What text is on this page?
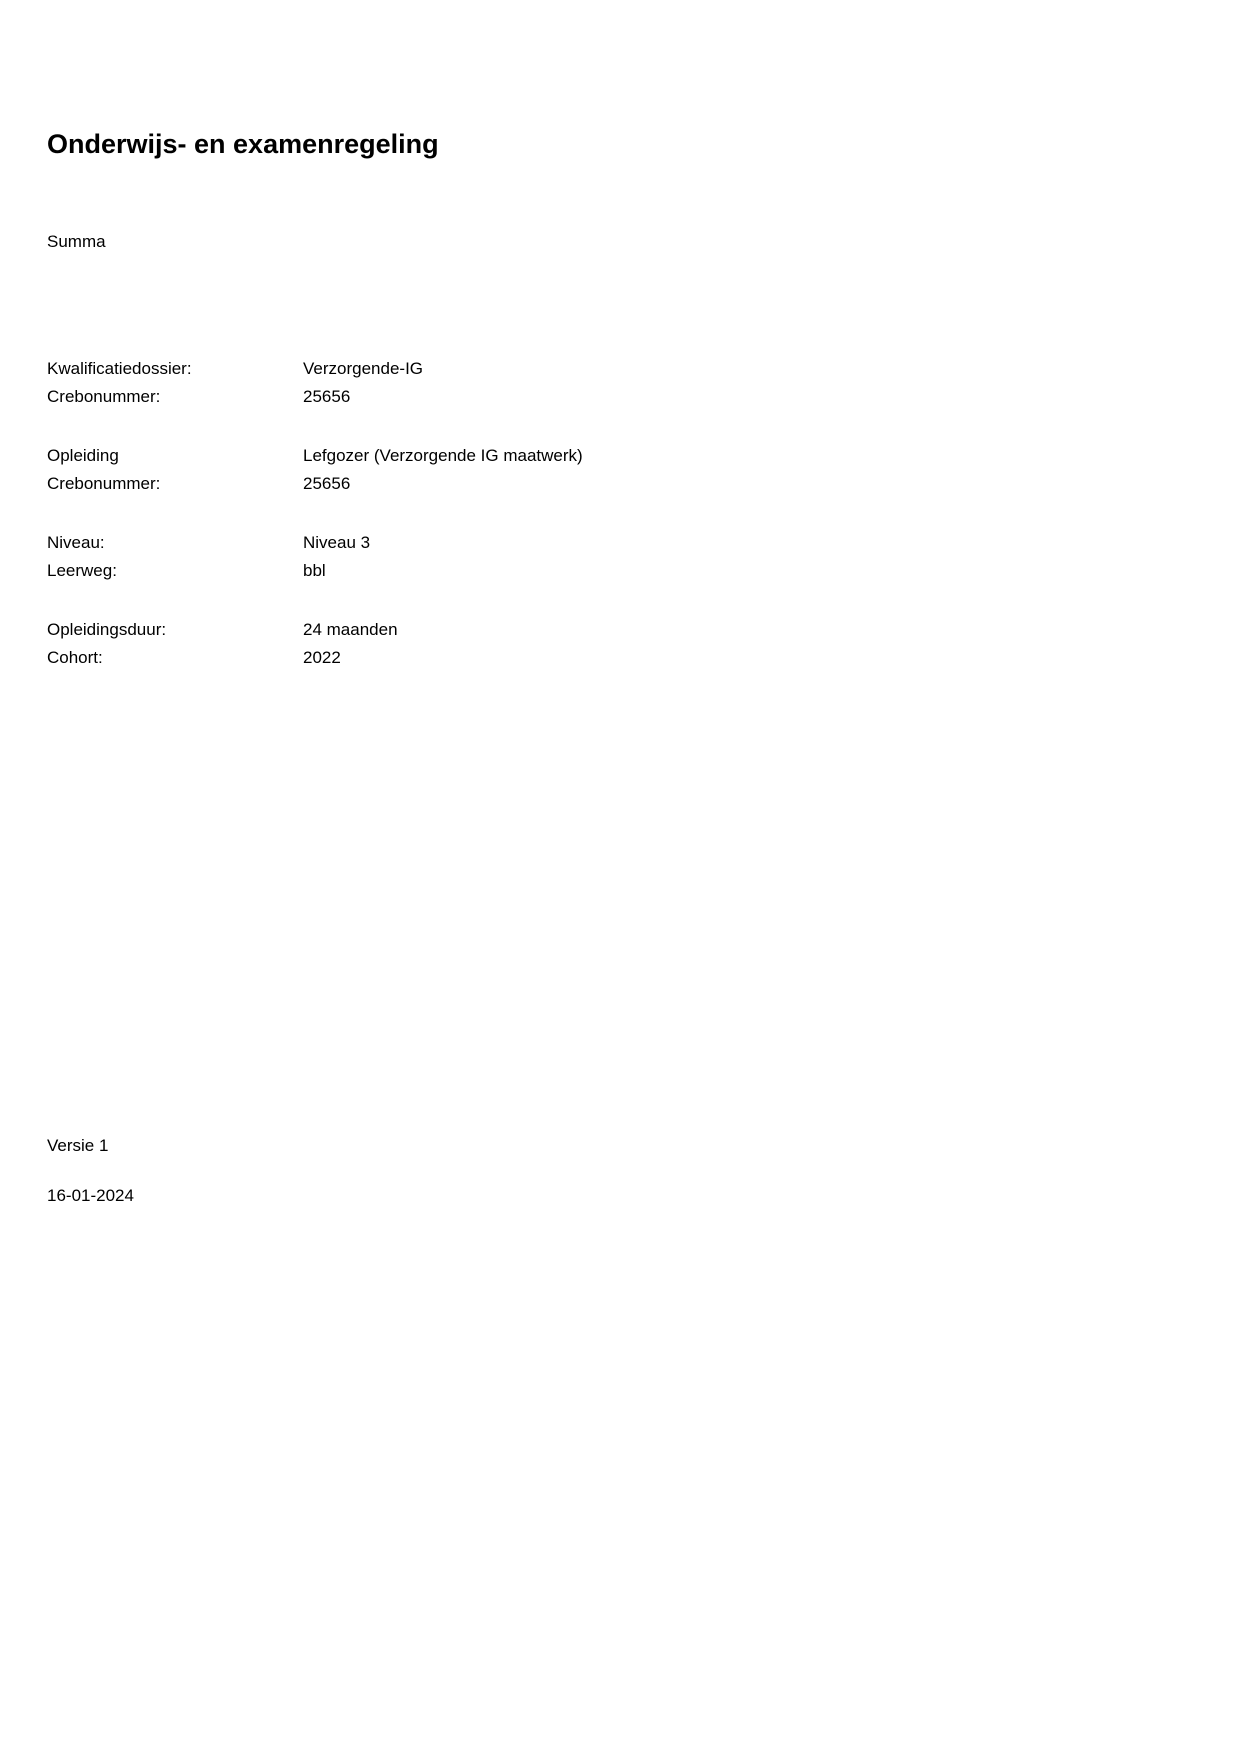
Onderwijs- en examenregeling
Summa
Kwalificatiedossier:	Verzorgende-IG
Crebonummer:	25656
Opleiding	Lefgozer (Verzorgende IG maatwerk)
Crebonummer:	25656
Niveau:	Niveau 3
Leerweg:	bbl
Opleidingsduur:	24 maanden
Cohort:	2022
Versie 1
16-01-2024
